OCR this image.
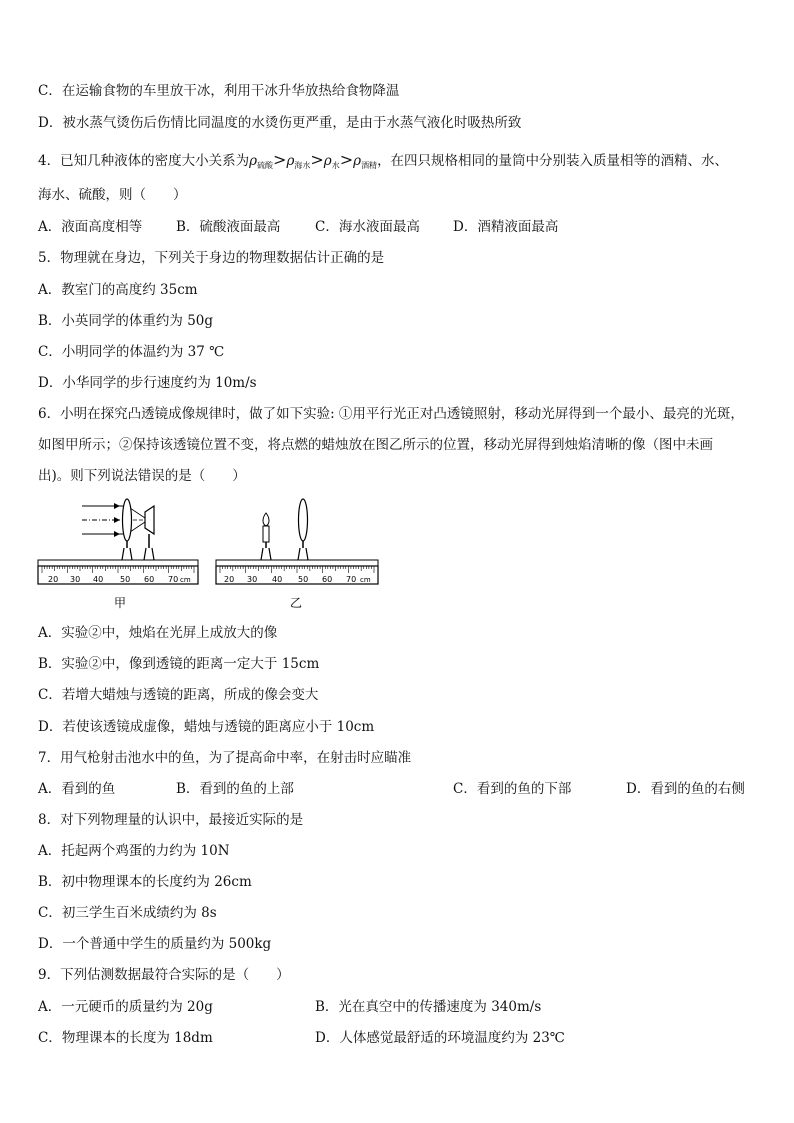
C．在运输食物的车里放干冰，利用干冰升华放热给食物降温
D．被水蒸气烫伤后伤情比同温度的水烫伤更严重，是由于水蒸气液化时吸热所致
4．已知几种液体的密度大小关系为$\rho_{硫酸}>\rho_{海水}>\rho_水>\rho_{酒精}$，在四只规格相同的量筒中分别装入质量相等的酒精、水、
海水、硫酸，则（　　）
A．液面高度相等	B．硫酸液面最高	C．海水液面最高 D．酒精液面最高
5．物理就在身边，下列关于身边的物理数据估计正确的是
A．教室门的高度约 35cm
B．小英同学的体重约为 50g
C．小明同学的体温约为 37 ℃
D．小华同学的步行速度约为 10m/s
6．小明在探究凸透镜成像规律时，做了如下实验: ①用平行光正对凸透镜照射，移动光屏得到一个最小、最亮的光斑，
如图甲所示；②保持该透镜位置不变，将点燃的蜡烛放在图乙所示的位置，移动光屏得到烛焰清晰的像（图中未画
出)。则下列说法错误的是（　　）
20 30 40 50 60 70 cm
甲
20 30 40 50 60 70 cm
乙
A．实验②中，烛焰在光屏上成放大的像
B．实验②中，像到透镜的距离一定大于 15cm
C．若增大蜡烛与透镜的距离，所成的像会变大
D．若使该透镜成虚像，蜡烛与透镜的距离应小于 10cm
7．用气枪射击池水中的鱼，为了提高命中率，在射击时应瞄准
A．看到的鱼	B．看到的鱼的上部	C．看到的鱼的下部	D．看到的鱼的右侧
8．对下列物理量的认识中，最接近实际的是
A．托起两个鸡蛋的力约为 10N
B．初中物理课本的长度约为 26cm
C．初三学生百米成绩约为 8s
D．一个普通中学生的质量约为 500kg
9．下列估测数据最符合实际的是（　　）
A．一元硬币的质量约为 20g	B．光在真空中的传播速度为 340m/s
C．物理课本的长度为 18dm	D．人体感觉最舒适的环境温度约为 23℃
